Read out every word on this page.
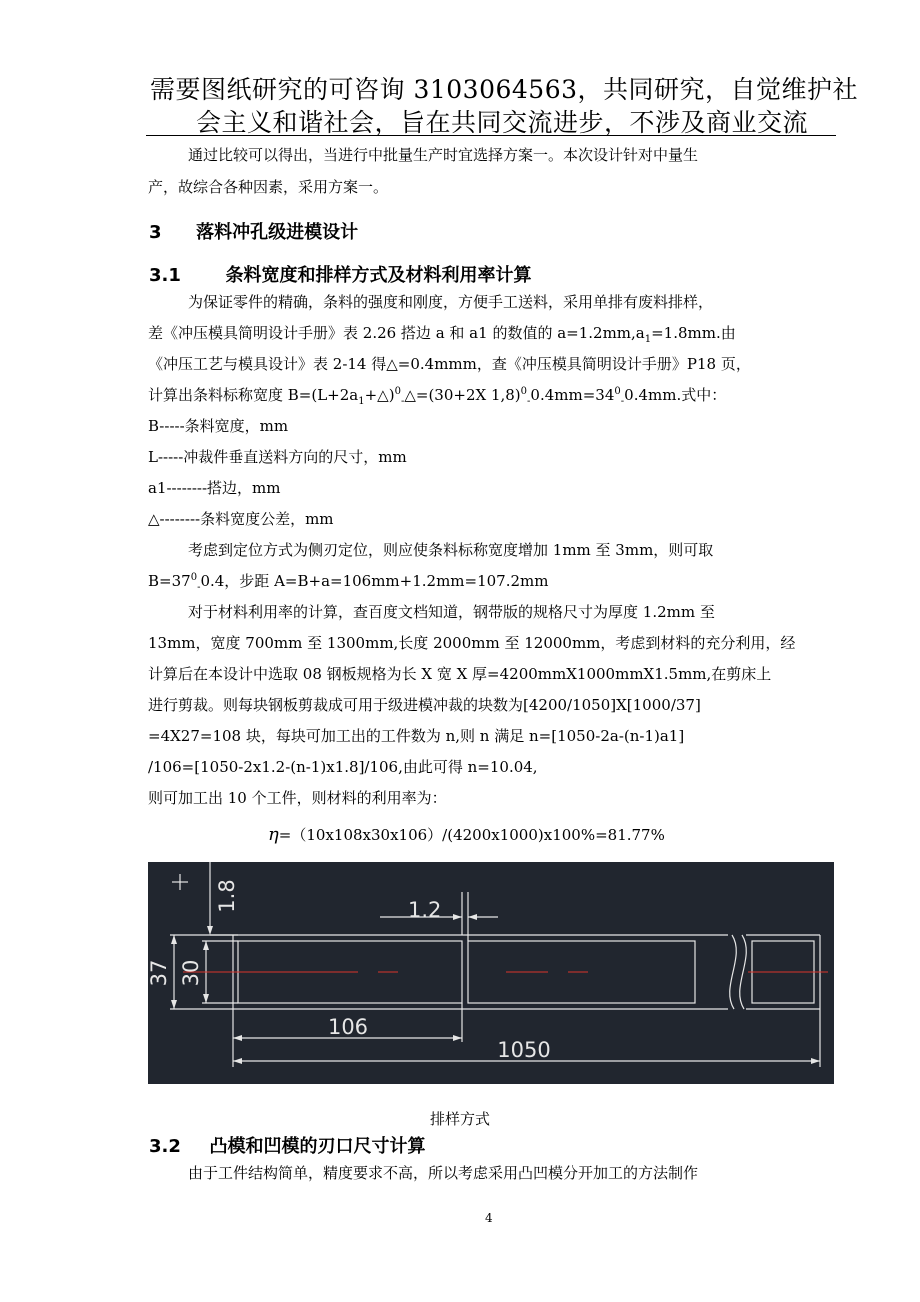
需要图纸研究的可咨询 3103064563，共同研究，自觉维护社
会主义和谐社会，旨在共同交流进步，不涉及商业交流
通过比较可以得出，当进行中批量生产时宜选择方案一。本次设计针对中量生
产，故综合各种因素，采用方案一。
3 落料冲孔级进模设计
3.1 条料宽度和排样方式及材料利用率计算
为保证零件的精确，条料的强度和刚度，方便手工送料，采用单排有废料排样，
差《冲压模具简明设计手册》表 2.26 搭边 a 和 a1 的数值的 $a=1.2mm,a_1=1.8mm$.由
《冲压工艺与模具设计》表 2-14 得△=0.4mmm，查《冲压模具简明设计手册》P18 页，
计算出条料标称宽度 $B=(L+2a_1+\triangle)^0_-\triangle=(30+2X$ $1,8)^0_-0.4mm=34^0_-0.4mm$.式中：
B-----条料宽度，mm
L-----冲裁件垂直送料方向的尺寸，mm
a1--------搭边，mm
△--------条料宽度公差，mm
考虑到定位方式为侧刃定位，则应使条料标称宽度增加 1mm 至 3mm，则可取
$B=37^0_-0.4$，步距 A=B+a=106mm+1.2mm=107.2mm
对于材料利用率的计算，查百度文档知道，钢带版的规格尺寸为厚度 1.2mm 至
13mm，宽度 700mm 至 1300mm,长度 2000mm 至 12000mm，考虑到材料的充分利用，经
计算后在本设计中选取 08 钢板规格为长 X 宽 X 厚=4200mmX1000mmX1.5mm,在剪床上
进行剪裁。则每块钢板剪裁成可用于级进模冲裁的块数为[4200/1050]X[1000/37]
=4X27=108 块，每块可加工出的工件数为 n,则 n 满足 n=[1050-2a-(n-1)a1]
/106=[1050-2x1.2-(n-1)x1.8]/106,由此可得 n=10.04,
则可加工出 10 个工件，则材料的利用率为：
η=（10x108x30x106）/(4200x1000)x100%=81.77%
1.8	1.2
37 30
106
1050
排样方式
3.2 凸模和凹模的刃口尺寸计算
由于工件结构简单，精度要求不高，所以考虑采用凸凹模分开加工的方法制作
4
